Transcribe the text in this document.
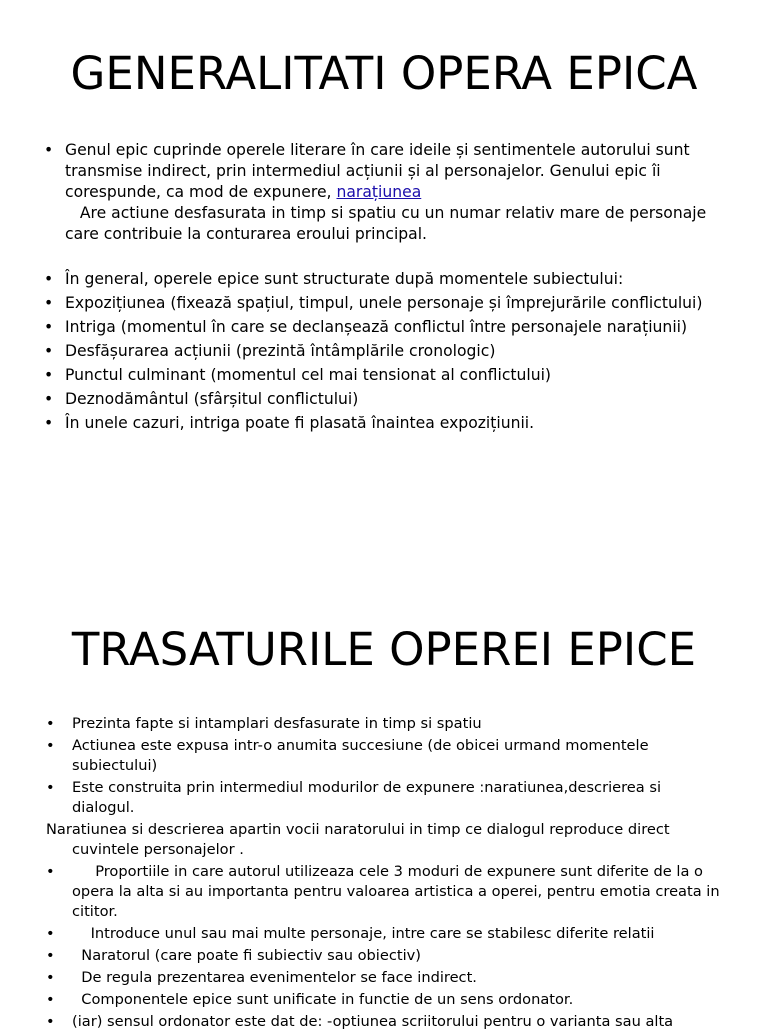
GENERALITATI OPERA EPICA
• Genul epic cuprinde operele literare în care ideile și sentimentele autorului sunt transmise indirect, prin intermediul acțiunii și al personajelor. Genului epic îi corespunde, ca mod de expunere, narațiunea
Are actiune desfasurata in timp si spatiu cu un numar relativ mare de personaje care contribuie la conturarea eroului principal.
• În general, operele epice sunt structurate după momentele subiectului:
• Expozițiunea (fixează spațiul, timpul, unele personaje și împrejurările conflictului)
• Intriga (momentul în care se declanșează conflictul între personajele narațiunii)
• Desfășurarea acțiunii (prezintă întâmplările cronologic)
• Punctul culminant (momentul cel mai tensionat al conflictului)
• Deznodământul (sfârșitul conflictului)
• În unele cazuri, intriga poate fi plasată înaintea expozițiunii.
TRASATURILE OPEREI EPICE
• Prezinta fapte si intamplari desfasurate in timp si spatiu
• Actiunea este expusa intr-o anumita succesiune (de obicei urmand momentele subiectului)
• Este construita prin intermediul modurilor de expunere :naratiunea,descrierea si dialogul.
Naratiunea si descrierea apartin vocii naratorului in timp ce dialogul reproduce direct
cuvintele personajelor .
• Proportiile in care autorul utilizeaza cele 3 moduri de expunere sunt diferite de la o opera la alta si au importanta pentru valoarea artistica a operei, pentru emotia creata in cititor.
• Introduce unul sau mai multe personaje, intre care se stabilesc diferite relatii
• Naratorul (care poate fi subiectiv sau obiectiv)
• De regula prezentarea evenimentelor se face indirect.
• Componentele epice sunt unificate in functie de un sens ordonator.
• (iar) sensul ordonator este dat de: -optiunea scriitorului pentru o varianta sau alta
